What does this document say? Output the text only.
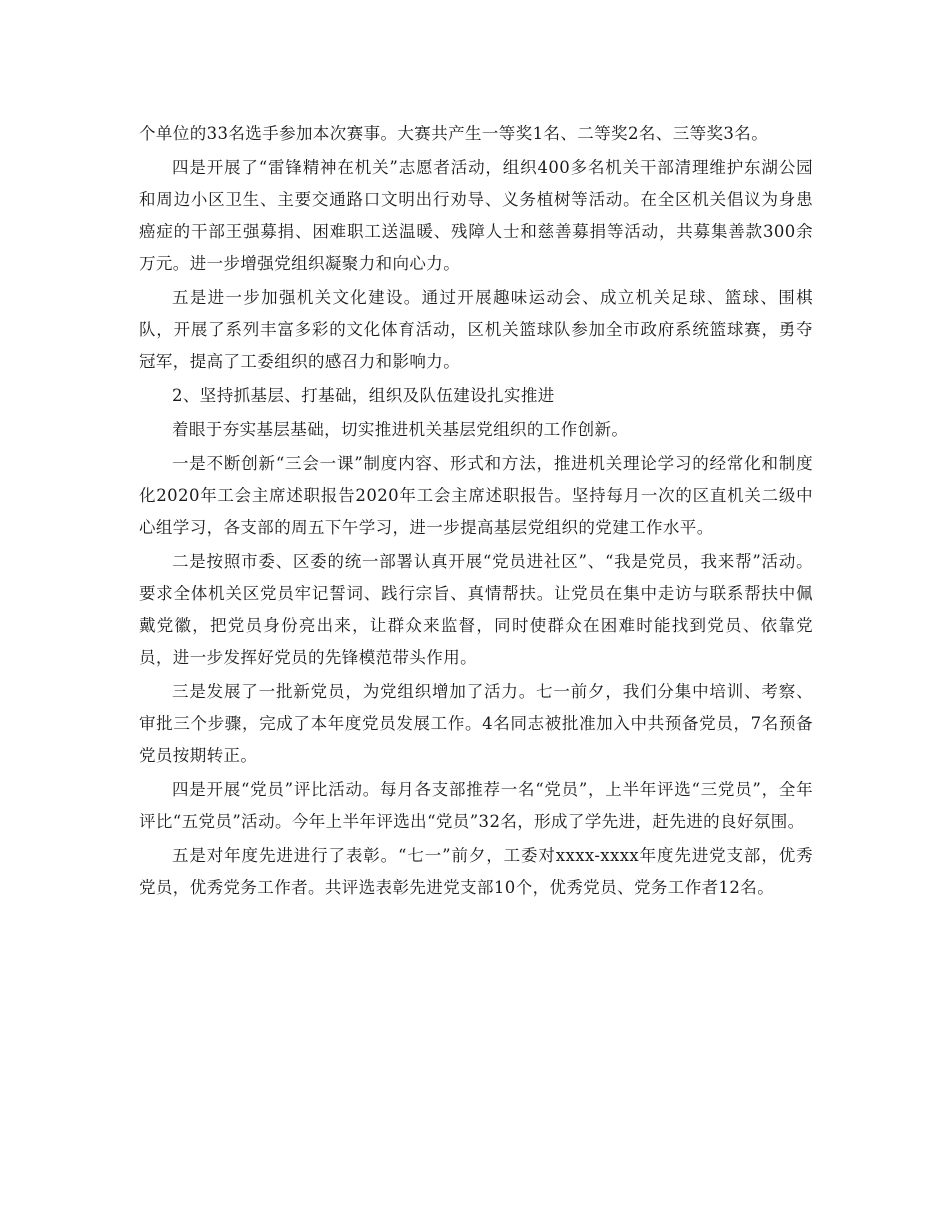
个单位的33名选手参加本次赛事。大赛共产生一等奖1名、二等奖2名、三等奖3名。

四是开展了“雷锋精神在机关”志愿者活动，组织400多名机关干部清理维护东湖公园和周边小区卫生、主要交通路口文明出行劝导、义务植树等活动。在全区机关倡议为身患癌症的干部王强募捐、困难职工送温暖、残障人士和慈善募捐等活动，共募集善款300余万元。进一步增强党组织凝聚力和向心力。

五是进一步加强机关文化建设。通过开展趣味运动会、成立机关足球、篮球、围棋队，开展了系列丰富多彩的文化体育活动，区机关篮球队参加全市政府系统篮球赛，勇夺冠军，提高了工委组织的感召力和影响力。

2、坚持抓基层、打基础，组织及队伍建设扎实推进

着眼于夯实基层基础，切实推进机关基层党组织的工作创新。

一是不断创新“三会一课”制度内容、形式和方法，推进机关理论学习的经常化和制度化2020年工会主席述职报告2020年工会主席述职报告。坚持每月一次的区直机关二级中心组学习，各支部的周五下午学习，进一步提高基层党组织的党建工作水平。

二是按照市委、区委的统一部署认真开展“党员进社区”、“我是党员，我来帮”活动。要求全体机关区党员牢记誓词、践行宗旨、真情帮扶。让党员在集中走访与联系帮扶中佩戴党徽，把党员身份亮出来，让群众来监督，同时使群众在困难时能找到党员、依靠党员，进一步发挥好党员的先锋模范带头作用。

三是发展了一批新党员，为党组织增加了活力。七一前夕，我们分集中培训、考察、审批三个步骤，完成了本年度党员发展工作。4名同志被批准加入中共预备党员，7名预备党员按期转正。

四是开展“党员”评比活动。每月各支部推荐一名“党员”，上半年评选“三党员”，全年评比“五党员”活动。今年上半年评选出“党员”32名，形成了学先进，赶先进的良好氛围。

五是对年度先进进行了表彰。“七一”前夕，工委对xxxx-xxxx年度先进党支部，优秀党员，优秀党务工作者。共评选表彰先进党支部10个，优秀党员、党务工作者12名。
